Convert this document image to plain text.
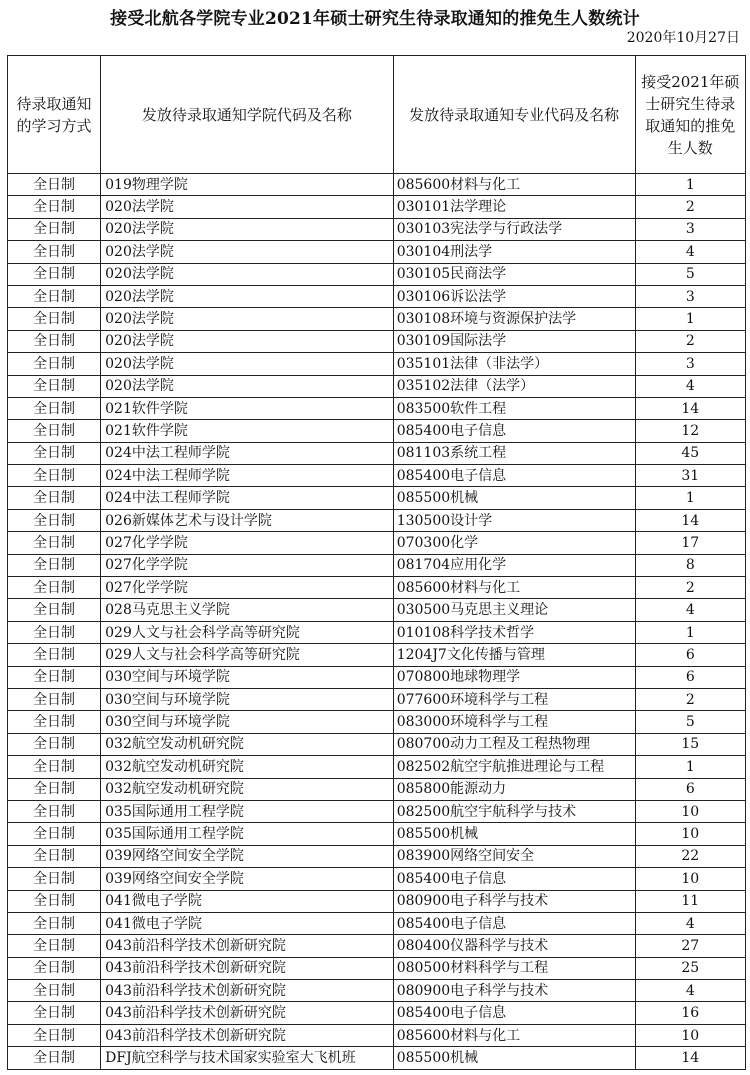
接受北航各学院专业2021年硕士研究生待录取通知的推免生人数统计
2020年10月27日
待录取通知的学习方式	发放待录取通知学院代码及名称	发放待录取通知专业代码及名称	接受2021年硕士研究生待录取通知的推免生人数
全日制	019物理学院	085600材料与化工	1
全日制	020法学院	030101法学理论	2
全日制	020法学院	030103宪法学与行政法学	3
全日制	020法学院	030104刑法学	4
全日制	020法学院	030105民商法学	5
全日制	020法学院	030106诉讼法学	3
全日制	020法学院	030108环境与资源保护法学	1
全日制	020法学院	030109国际法学	2
全日制	020法学院	035101法律（非法学）	3
全日制	020法学院	035102法律（法学）	4
全日制	021软件学院	083500软件工程	14
全日制	021软件学院	085400电子信息	12
全日制	024中法工程师学院	081103系统工程	45
全日制	024中法工程师学院	085400电子信息	31
全日制	024中法工程师学院	085500机械	1
全日制	026新媒体艺术与设计学院	130500设计学	14
全日制	027化学学院	070300化学	17
全日制	027化学学院	081704应用化学	8
全日制	027化学学院	085600材料与化工	2
全日制	028马克思主义学院	030500马克思主义理论	4
全日制	029人文与社会科学高等研究院	010108科学技术哲学	1
全日制	029人文与社会科学高等研究院	1204J7文化传播与管理	6
全日制	030空间与环境学院	070800地球物理学	6
全日制	030空间与环境学院	077600环境科学与工程	2
全日制	030空间与环境学院	083000环境科学与工程	5
全日制	032航空发动机研究院	080700动力工程及工程热物理	15
全日制	032航空发动机研究院	082502航空宇航推进理论与工程	1
全日制	032航空发动机研究院	085800能源动力	6
全日制	035国际通用工程学院	082500航空宇航科学与技术	10
全日制	035国际通用工程学院	085500机械	10
全日制	039网络空间安全学院	083900网络空间安全	22
全日制	039网络空间安全学院	085400电子信息	10
全日制	041微电子学院	080900电子科学与技术	11
全日制	041微电子学院	085400电子信息	4
全日制	043前沿科学技术创新研究院	080400仪器科学与技术	27
全日制	043前沿科学技术创新研究院	080500材料科学与工程	25
全日制	043前沿科学技术创新研究院	080900电子科学与技术	4
全日制	043前沿科学技术创新研究院	085400电子信息	16
全日制	043前沿科学技术创新研究院	085600材料与化工	10
全日制	DFJ航空科学与技术国家实验室大飞机班	085500机械	14
